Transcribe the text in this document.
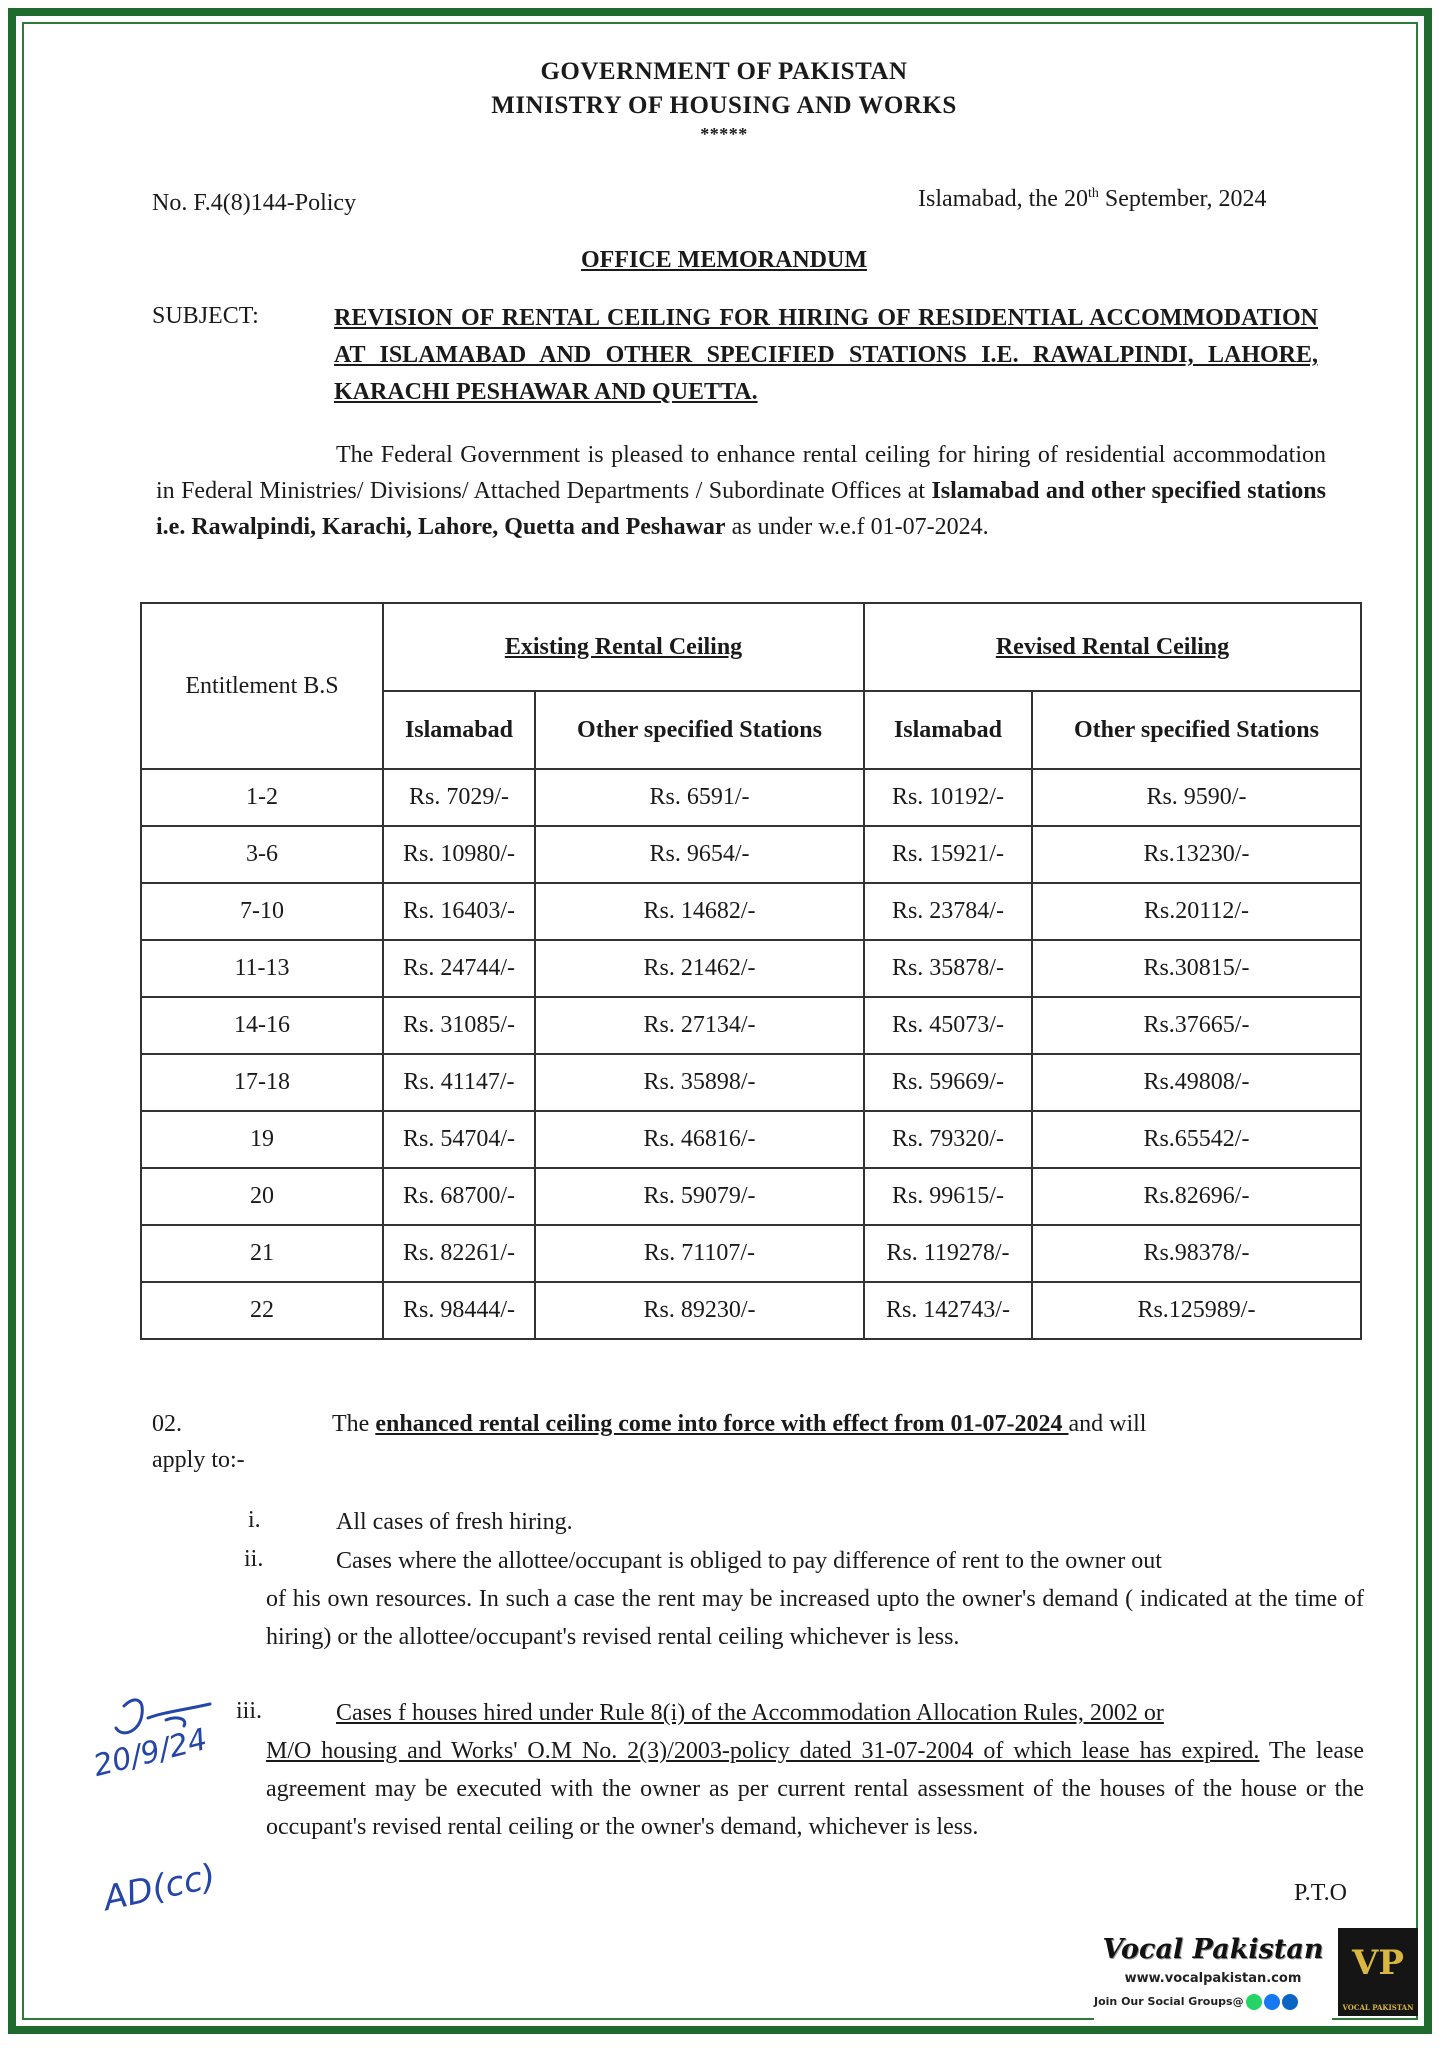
GOVERNMENT OF PAKISTAN
MINISTRY OF HOUSING AND WORKS
*****
No. F.4(8)144-Policy	Islamabad, the 20th September, 2024
OFFICE MEMORANDUM
SUBJECT:	REVISION OF RENTAL CEILING FOR HIRING OF RESIDENTIAL ACCOMMODATION AT ISLAMABAD AND OTHER SPECIFIED STATIONS I.E. RAWALPINDI, LAHORE, KARACHI PESHAWAR AND QUETTA.
The Federal Government is pleased to enhance rental ceiling for hiring of residential accommodation in Federal Ministries/ Divisions/ Attached Departments / Subordinate Offices at Islamabad and other specified stations i.e. Rawalpindi, Karachi, Lahore, Quetta and Peshawar as under w.e.f 01-07-2024.
Entitlement B.S	Existing Rental Ceiling		Revised Rental Ceiling	
	Islamabad	Other specified Stations	Islamabad	Other specified Stations
1-2	Rs. 7029/-	Rs. 6591/-	Rs. 10192/-	Rs. 9590/-
3-6	Rs. 10980/-	Rs. 9654/-	Rs. 15921/-	Rs.13230/-
7-10	Rs. 16403/-	Rs. 14682/-	Rs. 23784/-	Rs.20112/-
11-13	Rs. 24744/-	Rs. 21462/-	Rs. 35878/-	Rs.30815/-
14-16	Rs. 31085/-	Rs. 27134/-	Rs. 45073/-	Rs.37665/-
17-18	Rs. 41147/-	Rs. 35898/-	Rs. 59669/-	Rs.49808/-
19	Rs. 54704/-	Rs. 46816/-	Rs. 79320/-	Rs.65542/-
20	Rs. 68700/-	Rs. 59079/-	Rs. 99615/-	Rs.82696/-
21	Rs. 82261/-	Rs. 71107/-	Rs. 119278/-	Rs.98378/-
22	Rs. 98444/-	Rs. 89230/-	Rs. 142743/-	Rs.125989/-
02.	The enhanced rental ceiling come into force with effect from 01-07-2024 and will
apply to:-
i.	All cases of fresh hiring.
ii.	Cases where the allottee/occupant is obliged to pay difference of rent to the owner out
of his own resources. In such a case the rent may be increased upto the owner's demand ( indicated at the time of hiring) or the allottee/occupant's revised rental ceiling whichever is less.
iii.	Cases f houses hired under Rule 8(i) of the Accommodation Allocation Rules, 2002 or
M/O housing and Works' O.M No. 2(3)/2003-policy dated 31-07-2004 of which lease has expired. The lease agreement may be executed with the owner as per current rental assessment of the houses of the house or the occupant's revised rental ceiling or the owner's demand, whichever is less.
P.T.O
20/9/24
AD(cc)
Vocal Pakistan
www.vocalpakistan.com
Join Our Social Groups@
VP
VOCAL PAKISTAN
